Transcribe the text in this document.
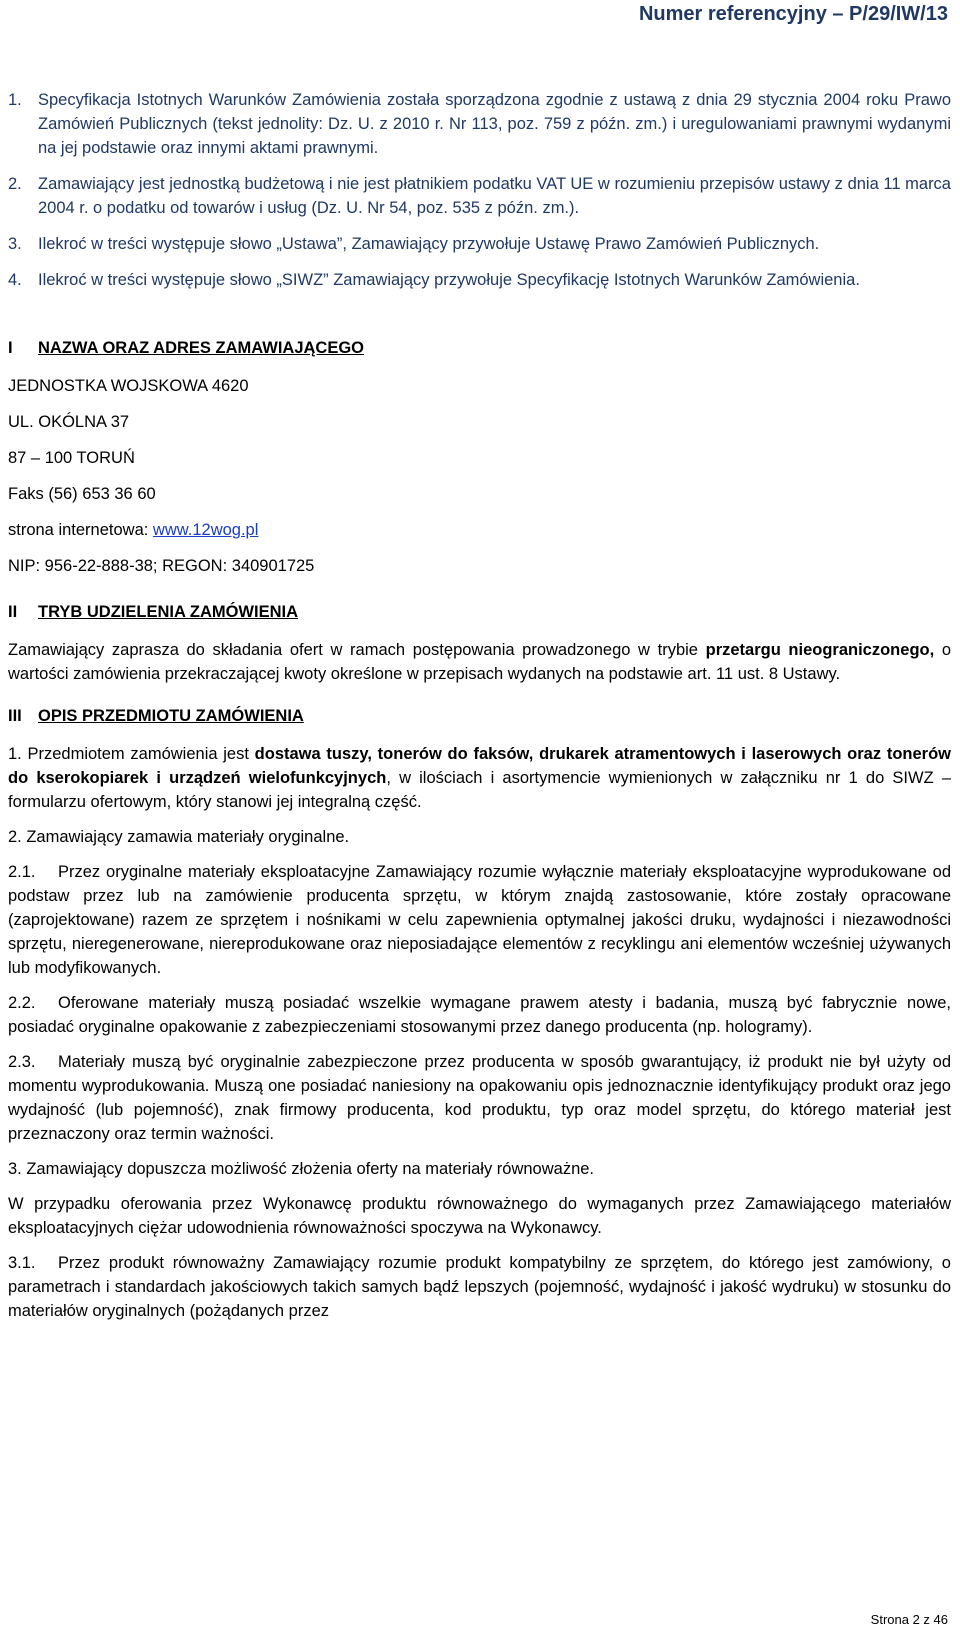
Numer referencyjny – P/29/IW/13
1. Specyfikacja Istotnych Warunków Zamówienia została sporządzona zgodnie z ustawą z dnia 29 stycznia 2004 roku Prawo Zamówień Publicznych (tekst jednolity: Dz. U. z 2010 r. Nr 113, poz. 759 z późn. zm.) i uregulowaniami prawnymi wydanymi na jej podstawie oraz innymi aktami prawnymi.
2. Zamawiający jest jednostką budżetową i nie jest płatnikiem podatku VAT UE w rozumieniu przepisów ustawy z dnia 11 marca 2004 r. o podatku od towarów i usług (Dz. U. Nr 54, poz. 535 z późn. zm.).
3. Ilekroć w treści występuje słowo „Ustawa”, Zamawiający przywołuje Ustawę Prawo Zamówień Publicznych.
4. Ilekroć w treści występuje słowo „SIWZ” Zamawiający przywołuje Specyfikację Istotnych Warunków Zamówienia.
I	NAZWA ORAZ ADRES ZAMAWIAJĄCEGO
JEDNOSTKA WOJSKOWA 4620
UL. OKÓLNA 37
87 – 100 TORUŃ
Faks (56) 653 36 60
strona internetowa: www.12wog.pl
NIP: 956-22-888-38; REGON: 340901725
II	TRYB UDZIELENIA ZAMÓWIENIA

Zamawiający zaprasza do składania ofert w ramach postępowania prowadzonego w trybie przetargu nieograniczonego, o wartości zamówienia przekraczającej kwoty określone w przepisach wydanych na podstawie art. 11 ust. 8 Ustawy.

III OPIS PRZEDMIOTU ZAMÓWIENIA

1. Przedmiotem zamówienia jest dostawa tuszy, tonerów do faksów, drukarek atramentowych i laserowych oraz tonerów do kserokopiarek i urządzeń wielofunkcyjnych, w ilościach i asortymencie wymienionych w załączniku nr 1 do SIWZ – formularzu ofertowym, który stanowi jej integralną część.

2. Zamawiający zamawia materiały oryginalne.

2.1. Przez oryginalne materiały eksploatacyjne Zamawiający rozumie wyłącznie materiały eksploatacyjne wyprodukowane od podstaw przez lub na zamówienie producenta sprzętu, w którym znajdą zastosowanie, które zostały opracowane (zaprojektowane) razem ze sprzętem i nośnikami w celu zapewnienia optymalnej jakości druku, wydajności i niezawodności sprzętu, nieregenerowane, niereprodukowane oraz nieposiadające elementów z recyklingu ani elementów wcześniej używanych lub modyfikowanych.

2.2. Oferowane materiały muszą posiadać wszelkie wymagane prawem atesty i badania, muszą być fabrycznie nowe, posiadać oryginalne opakowanie z zabezpieczeniami stosowanymi przez danego producenta (np. hologramy).

2.3. Materiały muszą być oryginalnie zabezpieczone przez producenta w sposób gwarantujący, iż produkt nie był użyty od momentu wyprodukowania. Muszą one posiadać naniesiony na opakowaniu opis jednoznacznie identyfikujący produkt oraz jego wydajność (lub pojemność), znak firmowy producenta, kod produktu, typ oraz model sprzętu, do którego materiał jest przeznaczony oraz termin ważności.

3. Zamawiający dopuszcza możliwość złożenia oferty na materiały równoważne.

W przypadku oferowania przez Wykonawcę produktu równoważnego do wymaganych przez Zamawiającego materiałów eksploatacyjnych ciężar udowodnienia równoważności spoczywa na Wykonawcy.

3.1. Przez produkt równoważny Zamawiający rozumie produkt kompatybilny ze sprzętem, do którego jest zamówiony, o parametrach i standardach jakościowych takich samych bądź lepszych (pojemność, wydajność i jakość wydruku) w stosunku do materiałów oryginalnych (pożądanych przez

Strona 2 z 46
